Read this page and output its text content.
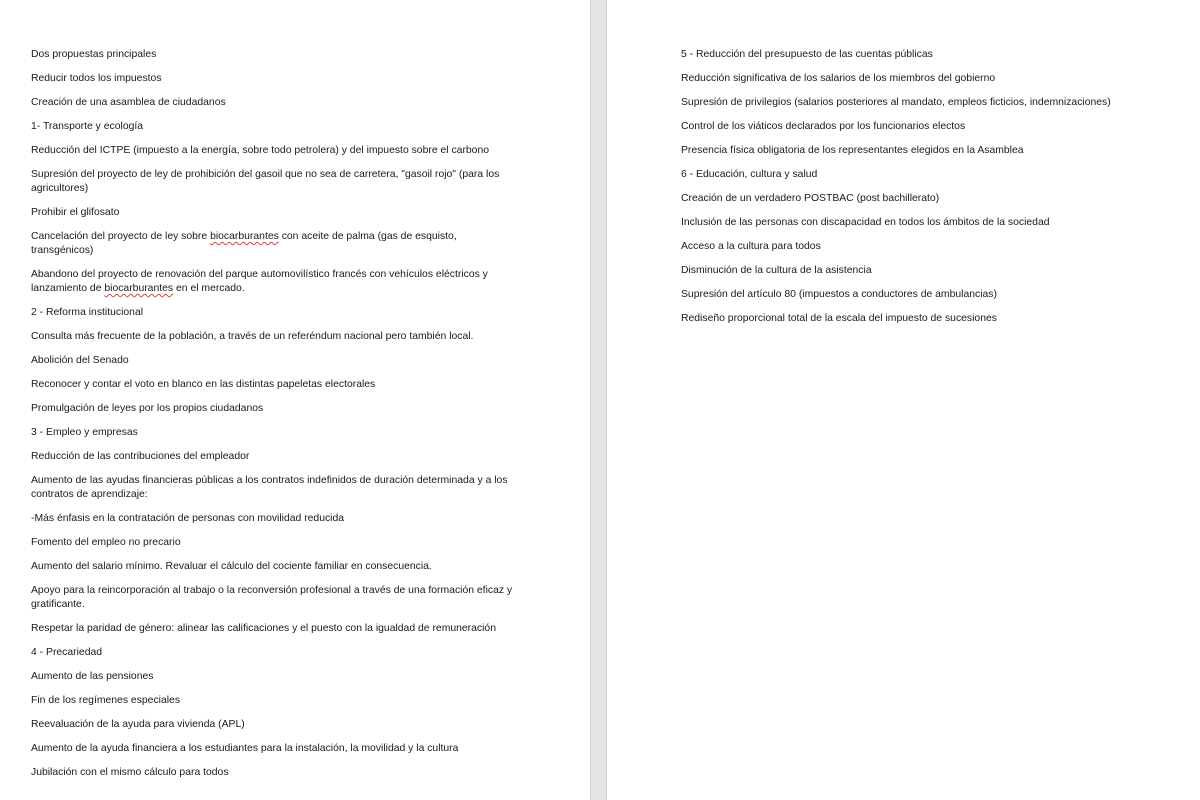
Dos propuestas principales

Reducir todos los impuestos

Creación de una asamblea de ciudadanos

1- Transporte y ecología

Reducción del ICTPE (impuesto a la energía, sobre todo petrolera) y del impuesto sobre el carbono

Supresión del proyecto de ley de prohibición del gasoil que no sea de carretera, "gasoil rojo" (para los agricultores)

Prohibir el glifosato

Cancelación del proyecto de ley sobre biocarburantes con aceite de palma (gas de esquisto, transgénicos)

Abandono del proyecto de renovación del parque automovilístico francés con vehículos eléctricos y lanzamiento de biocarburantes en el mercado.

2 - Reforma institucional

Consulta más frecuente de la población, a través de un referéndum nacional pero también local.

Abolición del Senado

Reconocer y contar el voto en blanco en las distintas papeletas electorales

Promulgación de leyes por los propios ciudadanos

3 - Empleo y empresas

Reducción de las contribuciones del empleador

Aumento de las ayudas financieras públicas a los contratos indefinidos de duración determinada y a los contratos de aprendizaje:

-Más énfasis en la contratación de personas con movilidad reducida

Fomento del empleo no precario

Aumento del salario mínimo. Revaluar el cálculo del cociente familiar en consecuencia.

Apoyo para la reincorporación al trabajo o la reconversión profesional a través de una formación eficaz y gratificante.

Respetar la paridad de género: alinear las calificaciones y el puesto con la igualdad de remuneración

4 - Precariedad

Aumento de las pensiones

Fin de los regímenes especiales

Reevaluación de la ayuda para vivienda (APL)

Aumento de la ayuda financiera a los estudiantes para la instalación, la movilidad y la cultura

Jubilación con el mismo cálculo para todos

5 - Reducción del presupuesto de las cuentas públicas

Reducción significativa de los salarios de los miembros del gobierno

Supresión de privilegios (salarios posteriores al mandato, empleos ficticios, indemnizaciones)

Control de los viáticos declarados por los funcionarios electos

Presencia física obligatoria de los representantes elegidos en la Asamblea

6 - Educación, cultura y salud

Creación de un verdadero POSTBAC (post bachillerato)

Inclusión de las personas con discapacidad en todos los ámbitos de la sociedad

Acceso a la cultura para todos

Disminución de la cultura de la asistencia

Supresión del artículo 80 (impuestos a conductores de ambulancias)

Rediseño proporcional total de la escala del impuesto de sucesiones
